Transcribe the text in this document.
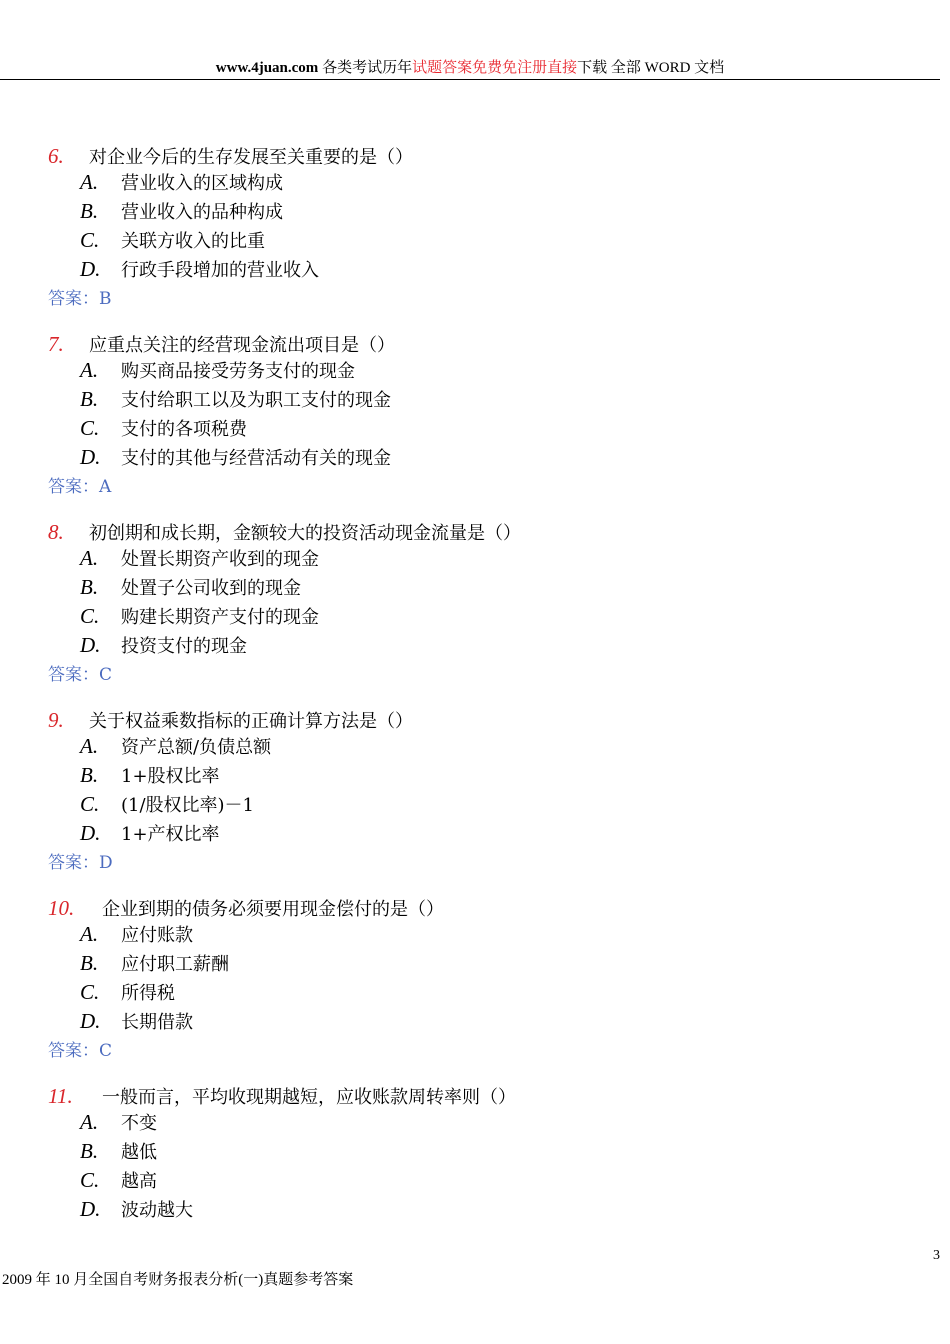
www.4juan.com 各类考试历年试题答案免费免注册直接下载 全部 WORD 文档
6. 对企业今后的生存发展至关重要的是（）
A. 营业收入的区域构成
B. 营业收入的品种构成
C. 关联方收入的比重
D. 行政手段增加的营业收入
答案：B
7. 应重点关注的经营现金流出项目是（）
A. 购买商品接受劳务支付的现金
B. 支付给职工以及为职工支付的现金
C. 支付的各项税费
D. 支付的其他与经营活动有关的现金
答案：A
8. 初创期和成长期，金额较大的投资活动现金流量是（）
A. 处置长期资产收到的现金
B. 处置子公司收到的现金
C. 购建长期资产支付的现金
D. 投资支付的现金
答案：C
9. 关于权益乘数指标的正确计算方法是（）
A. 资产总额/负债总额
B. 1+股权比率
C. (1/股权比率)－1
D. 1+产权比率
答案：D
10. 企业到期的债务必须要用现金偿付的是（）
A. 应付账款
B. 应付职工薪酬
C. 所得税
D. 长期借款
答案：C
11. 一般而言，平均收现期越短，应收账款周转率则（）
A. 不变
B. 越低
C. 越高
D. 波动越大
3
2009 年 10 月全国自考财务报表分析(一)真题参考答案
